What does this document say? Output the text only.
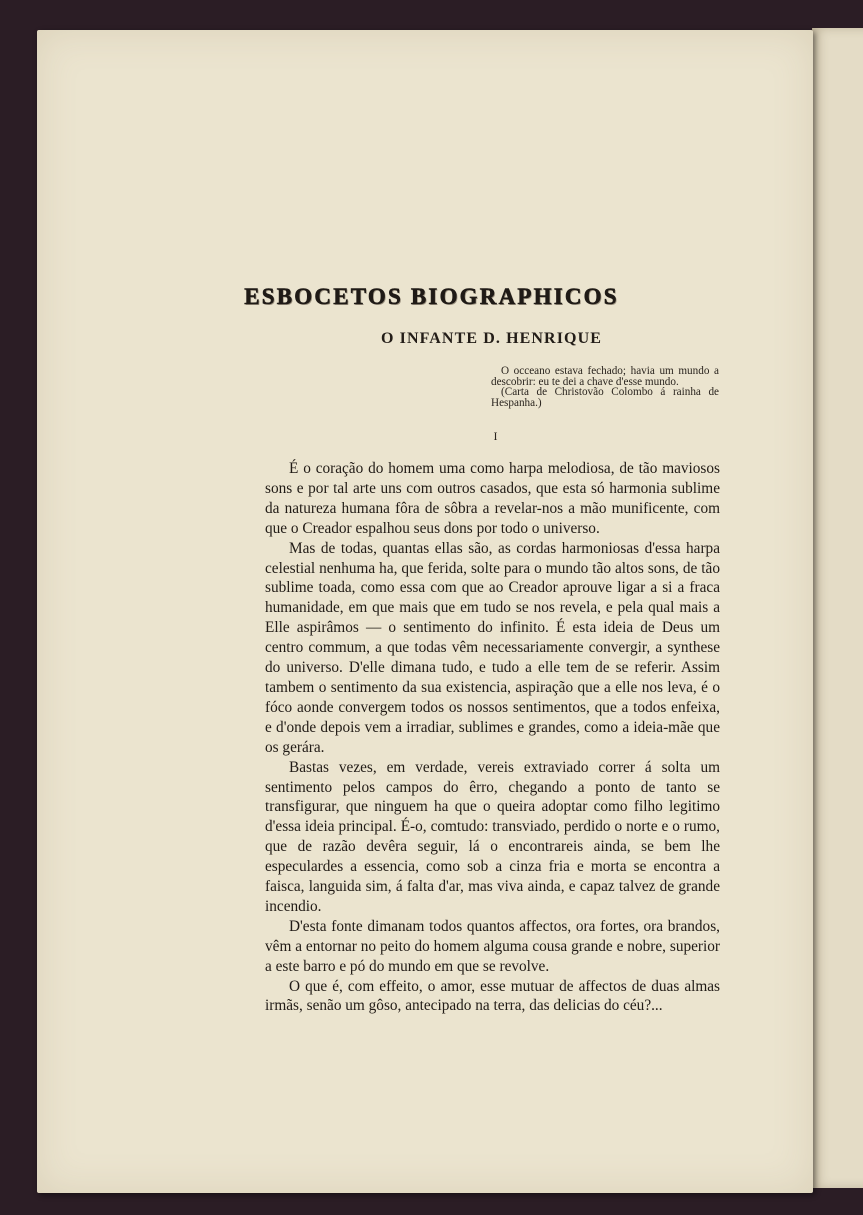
ESBOCETOS BIOGRAPHICOS
O INFANTE D. HENRIQUE

O occeano estava fechado; havia um mundo a descobrir: eu te dei a chave d'esse mundo.

(Carta de Christovão Colombo á rainha de Hespanha.)

I

É o coração do homem uma como harpa melodiosa, de tão maviosos sons e por tal arte uns com outros casados, que esta só harmonia sublime da natureza humana fôra de sôbra a revelar-nos a mão munificente, com que o Creador espalhou seus dons por todo o universo.

Mas de todas, quantas ellas são, as cordas harmoniosas d'essa harpa celestial nenhuma ha, que ferida, solte para o mundo tão altos sons, de tão sublime toada, como essa com que ao Creador aprouve ligar a si a fraca humanidade, em que mais que em tudo se nos revela, e pela qual mais a Elle aspirâmos — o sentimento do infinito. É esta ideia de Deus um centro commum, a que todas vêm necessariamente convergir, a synthese do universo. D'elle dimana tudo, e tudo a elle tem de se referir. Assim tambem o sentimento da sua existencia, aspiração que a elle nos leva, é o fóco aonde convergem todos os nossos sentimentos, que a todos enfeixa, e d'onde depois vem a irradiar, sublimes e grandes, como a ideia-mãe que os gerára.

Bastas vezes, em verdade, vereis extraviado correr á solta um sentimento pelos campos do êrro, chegando a ponto de tanto se transfigurar, que ninguem ha que o queira adoptar como filho legitimo d'essa ideia principal. É-o, comtudo: transviado, perdido o norte e o rumo, que de razão devêra seguir, lá o encontrareis ainda, se bem lhe especulardes a essencia, como sob a cinza fria e morta se encontra a faisca, languida sim, á falta d'ar, mas viva ainda, e capaz talvez de grande incendio.

D'esta fonte dimanam todos quantos affectos, ora fortes, ora brandos, vêm a entornar no peito do homem alguma cousa grande e nobre, superior a este barro e pó do mundo em que se revolve.

O que é, com effeito, o amor, esse mutuar de affectos de duas almas irmãs, senão um gôso, antecipado na terra, das delicias do céu?...
